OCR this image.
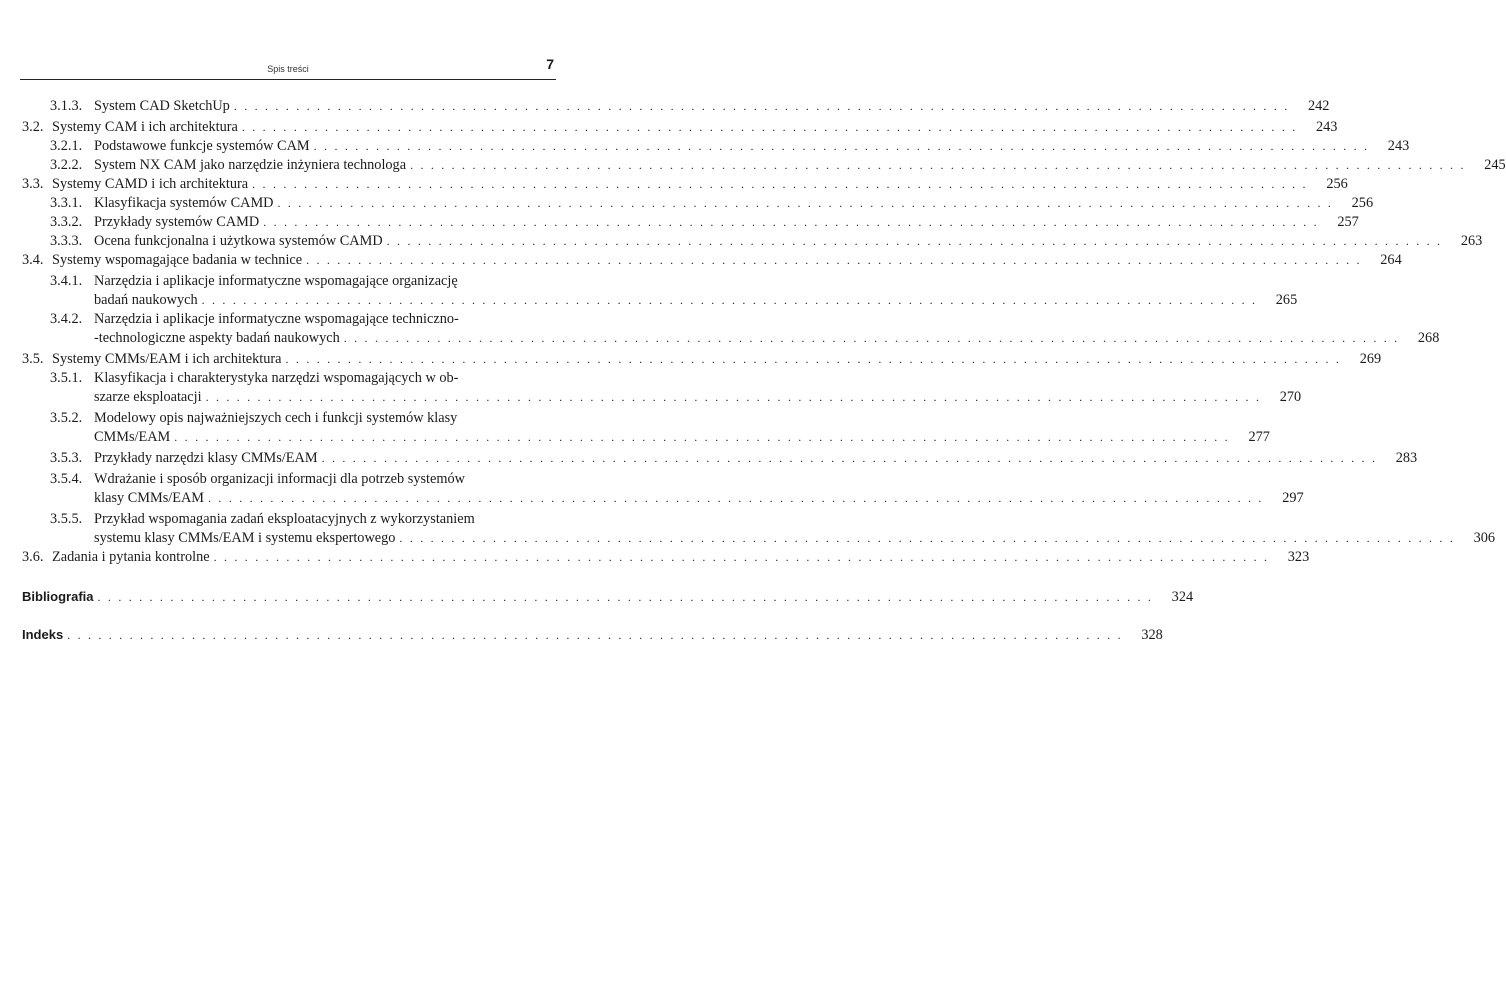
Spis treści	7
3.1.3. System CAD SketchUp . . .	242
3.2. Systemy CAM i ich architektura . . .	243
3.2.1. Podstawowe funkcje systemów CAM . . .	243
3.2.2. System NX CAM jako narzędzie inżyniera technologa . . .	245
3.3. Systemy CAMD i ich architektura . . .	256
3.3.1. Klasyfikacja systemów CAMD . . .	256
3.3.2. Przykłady systemów CAMD . . .	257
3.3.3. Ocena funkcjonalna i użytkowa systemów CAMD . . .	263
3.4. Systemy wspomagające badania w technice . . .	264
3.4.1. Narzędzia i aplikacje informatyczne wspomagające organizację
badań naukowych . . .	265
3.4.2. Narzędzia i aplikacje informatyczne wspomagające techniczno-
-technologiczne aspekty badań naukowych . . .	268
3.5. Systemy CMMs/EAM i ich architektura . . .	269
3.5.1. Klasyfikacja i charakterystyka narzędzi wspomagających w ob-
szarze eksploatacji . . .	270
3.5.2. Modelowy opis najważniejszych cech i funkcji systemów klasy
CMMs/EAM . . .	277
3.5.3. Przykłady narzędzi klasy CMMs/EAM . . .	283
3.5.4. Wdrażanie i sposób organizacji informacji dla potrzeb systemów
klasy CMMs/EAM . . .	297
3.5.5. Przykład wspomagania zadań eksploatacyjnych z wykorzystaniem
systemu klasy CMMs/EAM i systemu ekspertowego . . .	306
3.6. Zadania i pytania kontrolne . . .	323
Bibliografia . . .	324
Indeks . . .	328
